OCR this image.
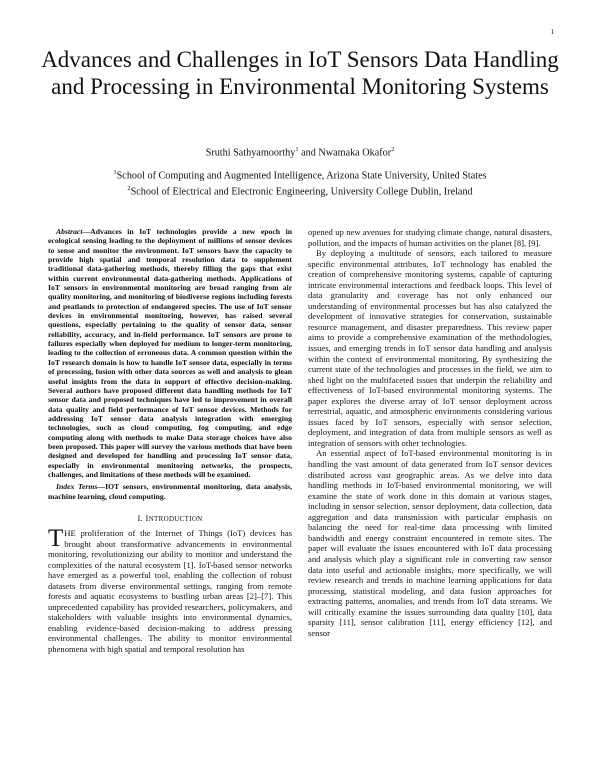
1
Advances and Challenges in IoT Sensors Data Handling and Processing in Environmental Monitoring Systems
Sruthi Sathyamoorthy$^1$ and Nwamaka Okafor$^2$
$^1$School of Computing and Augmented Intelligence, Arizona State University, United States
$^2$School of Electrical and Electronic Engineering, University College Dublin, Ireland

Abstract—Advances in IoT technologies provide a new epoch in ecological sensing leading to the deployment of millions of sensor devices to sense and monitor the environment. IoT sensors have the capacity to provide high spatial and temporal resolution data to supplement traditional data-gathering methods, thereby filling the gaps that exist within current environmental data-gathering methods. Applications of IoT sensors in environmental monitoring are broad ranging from air quality monitoring, and monitoring of biodiverse regions including forests and peatlands to protection of endangered species. The use of IoT sensor devices in environmental monitoring, however, has raised several questions, especially pertaining to the quality of sensor data, sensor reliability, accuracy, and in-field performance. IoT sensors are prone to failures especially when deployed for medium to longer-term monitoring, leading to the collection of erroneous data. A common question within the IoT research domain is how to handle IoT sensor data, especially in terms of processing, fusion with other data sources as well and analysis to glean useful insights from the data in support of effective decision-making. Several authors have proposed different data handling methods for IoT sensor data and proposed techniques have led to improvement in overall data quality and field performance of IoT sensor devices. Methods for addressing IoT sensor data analysis integration with emerging technologies, such as cloud computing, fog computing, and edge computing along with methods to make Data storage choices have also been proposed. This paper will survey the various methods that have been designed and developed for handling and processing IoT sensor data, especially in environmental monitoring networks, the prospects, challenges, and limitations of these methods will be examined.

Index Terms—IOT sensors, environmental monitoring, data analysis, machine learning, cloud computing.

I. INTRODUCTION

THE proliferation of the Internet of Things (IoT) devices has brought about transformative advancements in environmental monitoring, revolutionizing our ability to monitor and understand the complexities of the natural ecosystem [1]. IoT-based sensor networks have emerged as a powerful tool, enabling the collection of robust datasets from diverse environmental settings, ranging from remote forests and aquatic ecosystems to bustling urban areas [2]–[7]. This unprecedented capability has provided researchers, policymakers, and stakeholders with valuable insights into environmental dynamics, enabling evidence-based decision-making to address pressing environmental challenges. The ability to monitor environmental phenomena with high spatial and temporal resolution has

opened up new avenues for studying climate change, natural disasters, pollution, and the impacts of human activities on the planet [8], [9].

By deploying a multitude of sensors, each tailored to measure specific environmental attributes, IoT technology has enabled the creation of comprehensive monitoring systems, capable of capturing intricate environmental interactions and feedback loops. This level of data granularity and coverage has not only enhanced our understanding of environmental processes but has also catalyzed the development of innovative strategies for conservation, sustainable resource management, and disaster preparedness. This review paper aims to provide a comprehensive examination of the methodologies, issues, and emerging trends in IoT sensor data handling and analysis within the context of environmental monitoring. By synthesizing the current state of the technologies and processes in the field, we aim to shed light on the multifaceted issues that underpin the reliability and effectiveness of IoT-based environmental monitoring systems. The paper explores the diverse array of IoT sensor deployment across terrestrial, aquatic, and atmospheric environments considering various issues faced by IoT sensors, especially with sensor selection, deployment, and integration of data from multiple sensors as well as integration of sensors with other technologies.

An essential aspect of IoT-based environmental monitoring is in handling the vast amount of data generated from IoT sensor devices distributed across vast geographic areas. As we delve into data handling methods in IoT-based environmental monitoring, we will examine the state of work done in this domain at various stages, including in sensor selection, sensor deployment, data collection, data aggregation and data transmission with particular emphasis on balancing the need for real-time data processing with limited bandwidth and energy constraint encountered in remote sites. The paper will evaluate the issues encountered with IoT data processing and analysis which play a significant role in converting raw sensor data into useful and actionable insights, more specifically, we will review research and trends in machine learning applications for data processing, statistical modeling, and data fusion approaches for extracting patterns, anomalies, and trends from IoT data streams. We will critically examine the issues surrounding data quality [10], data sparsity [11], sensor calibration [11], energy efficiency [12], and sensor
